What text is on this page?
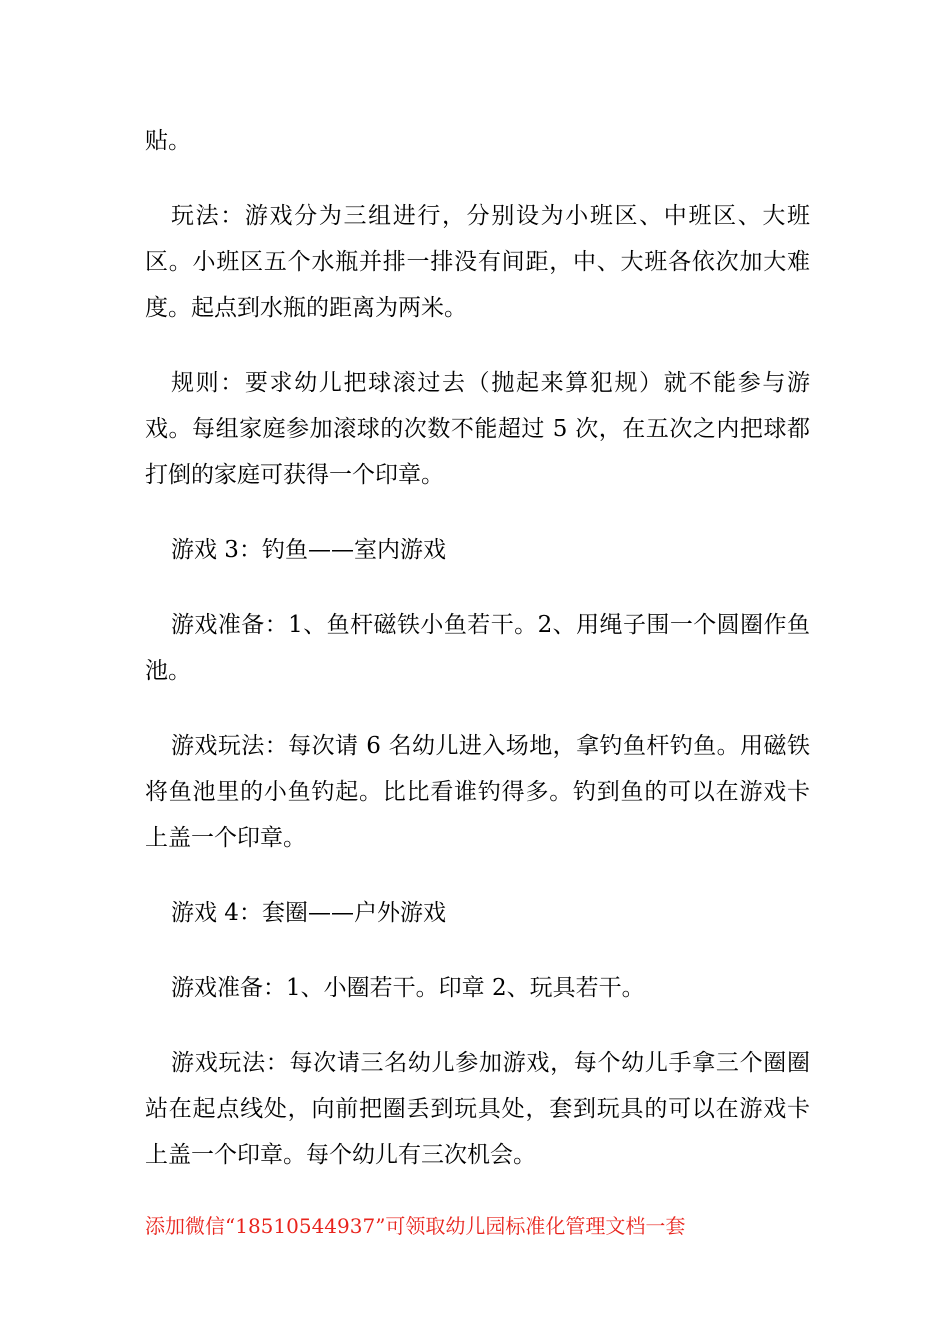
贴。

玩法：游戏分为三组进行，分别设为小班区、中班区、大班区。小班区五个水瓶并排一排没有间距，中、大班各依次加大难度。起点到水瓶的距离为两米。

规则：要求幼儿把球滚过去（抛起来算犯规）就不能参与游戏。每组家庭参加滚球的次数不能超过 5 次，在五次之内把球都打倒的家庭可获得一个印章。

游戏 3：钓鱼——室内游戏

游戏准备：1、鱼杆磁铁小鱼若干。2、用绳子围一个圆圈作鱼池。

游戏玩法：每次请 6 名幼儿进入场地，拿钓鱼杆钓鱼。用磁铁将鱼池里的小鱼钓起。比比看谁钓得多。钓到鱼的可以在游戏卡上盖一个印章。

游戏 4：套圈——户外游戏

游戏准备：1、小圈若干。印章 2、玩具若干。

游戏玩法：每次请三名幼儿参加游戏，每个幼儿手拿三个圈圈站在起点线处，向前把圈丢到玩具处，套到玩具的可以在游戏卡上盖一个印章。每个幼儿有三次机会。

添加微信“18510544937”可领取幼儿园标准化管理文档一套
